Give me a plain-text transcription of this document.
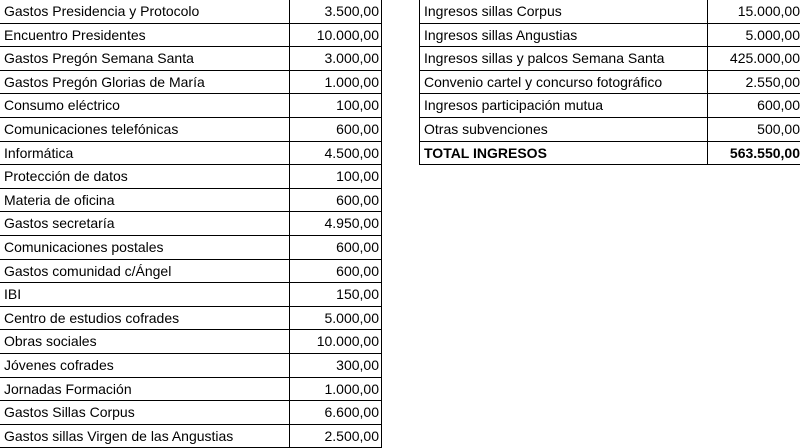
Gastos Presidencia y Protocolo	3.500,00
Encuentro Presidentes	10.000,00
Gastos Pregón Semana Santa	3.000,00
Gastos Pregón Glorias de María	1.000,00
Consumo eléctrico	100,00
Comunicaciones telefónicas	600,00
Informática	4.500,00
Protección de datos	100,00
Materia de oficina	600,00
Gastos secretaría	4.950,00
Comunicaciones postales	600,00
Gastos comunidad c/Ángel	600,00
IBI	150,00
Centro de estudios cofrades	5.000,00
Obras sociales	10.000,00
Jóvenes cofrades	300,00
Jornadas Formación	1.000,00
Gastos Sillas Corpus	6.600,00
Gastos sillas Virgen de las Angustias	2.500,00
Ingresos sillas Corpus	15.000,00
Ingresos sillas Angustias	5.000,00
Ingresos sillas y palcos Semana Santa	425.000,00
Convenio cartel y concurso fotográfico	2.550,00
Ingresos participación mutua	600,00
Otras subvenciones	500,00
TOTAL INGRESOS	563.550,00
